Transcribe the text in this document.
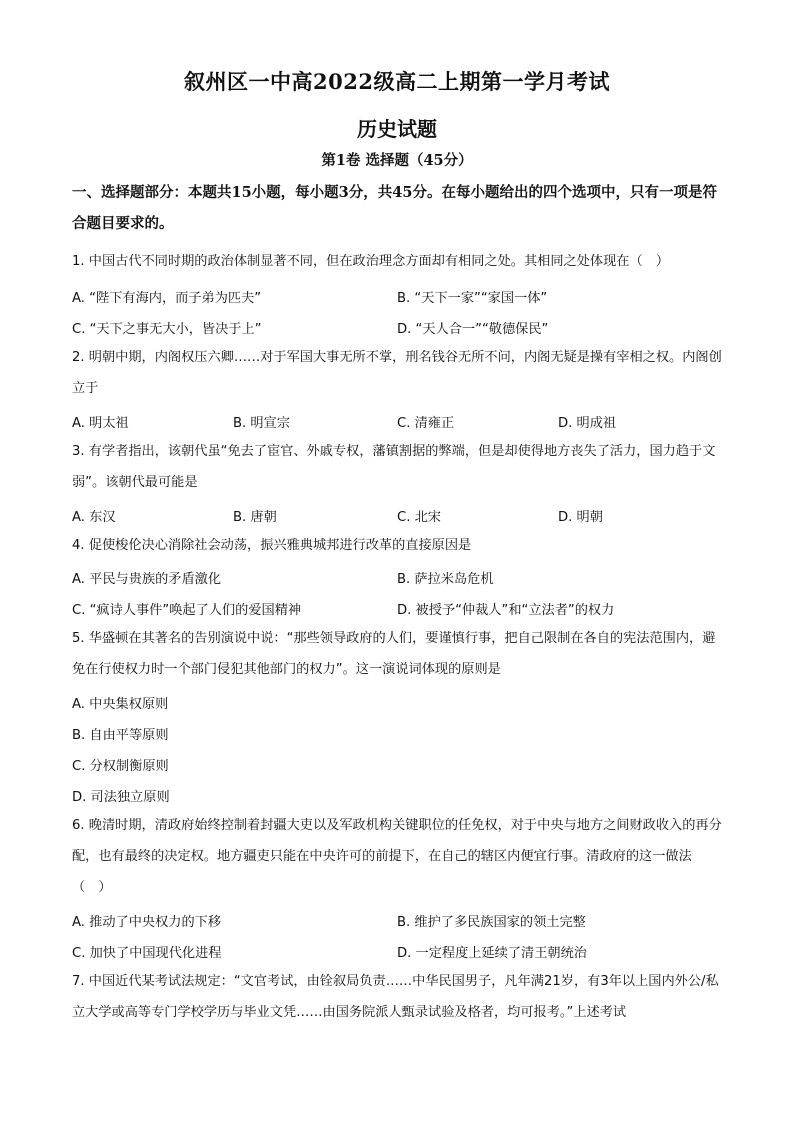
叙州区一中高2022级高二上期第一学月考试
历史试题
第1卷 选择题（45分）
一、选择题部分：本题共15小题，每小题3分，共45分。在每小题给出的四个选项中，只有一项是符合题目要求的。
1. 中国古代不同时期的政治体制显著不同，但在政治理念方面却有相同之处。其相同之处体现在（　）
A. “陛下有海内，而子弟为匹夫”	B. “天下一家”“家国一体”
C. “天下之事无大小，皆决于上”	D. “天人合一”“敬德保民”
2. 明朝中期，内阁权压六卿……对于军国大事无所不掌，刑名钱谷无所不问，内阁无疑是操有宰相之权。内阁创立于
A. 明太祖	B. 明宣宗	C. 清雍正	D. 明成祖
3. 有学者指出，该朝代虽“免去了宦官、外戚专权，藩镇割据的弊端，但是却使得地方丧失了活力，国力趋于文弱”。该朝代最可能是
A. 东汉	B. 唐朝	C. 北宋	D. 明朝
4. 促使梭伦决心消除社会动荡，振兴雅典城邦进行改革的直接原因是
A. 平民与贵族的矛盾激化	B. 萨拉米岛危机
C. “疯诗人事件”唤起了人们的爱国精神	D. 被授予“仲裁人”和“立法者”的权力
5. 华盛顿在其著名的告别演说中说：“那些领导政府的人们，要谨慎行事，把自己限制在各自的宪法范围内，避免在行使权力时一个部门侵犯其他部门的权力”。这一演说词体现的原则是
A. 中央集权原则
B. 自由平等原则
C. 分权制衡原则
D. 司法独立原则
6. 晚清时期，清政府始终控制着封疆大吏以及军政机构关键职位的任免权，对于中央与地方之间财政收入的再分配，也有最终的决定权。地方疆吏只能在中央许可的前提下，在自己的辖区内便宜行事。清政府的这一做法（　）
A. 推动了中央权力的下移	B. 维护了多民族国家的领土完整
C. 加快了中国现代化进程	D. 一定程度上延续了清王朝统治
7. 中国近代某考试法规定：“文官考试，由铨叙局负责……中华民国男子，凡年满21岁，有3年以上国内外公/私立大学或高等专门学校学历与毕业文凭……由国务院派人甄录试验及格者，均可报考。”上述考试
